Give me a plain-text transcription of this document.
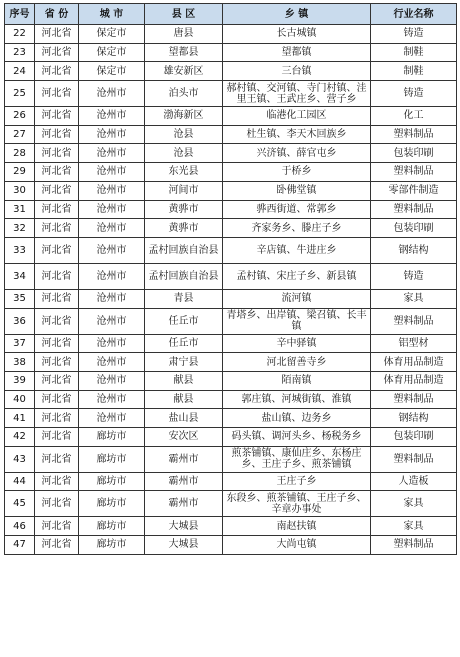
序号	省 份	城 市	县 区	乡 镇	行业名称
22	河北省	保定市	唐县	长古城镇	铸造
23	河北省	保定市	望都县	望都镇	制鞋
24	河北省	保定市	雄安新区	三台镇	制鞋
25	河北省	沧州市	泊头市	郝村镇、交河镇、寺门村镇、洼里王镇、王武庄乡、营子乡	铸造
26	河北省	沧州市	渤海新区	临港化工园区	化工
27	河北省	沧州市	沧县	杜生镇、李天木回族乡	塑料制品
28	河北省	沧州市	沧县	兴济镇、薛官屯乡	包装印刷
29	河北省	沧州市	东光县	于桥乡	塑料制品
30	河北省	沧州市	河间市	卧佛堂镇	零部件制造
31	河北省	沧州市	黄骅市	骅西街道、常郭乡	塑料制品
32	河北省	沧州市	黄骅市	齐家务乡、滕庄子乡	包装印刷
33	河北省	沧州市	孟村回族自治县	辛店镇、牛进庄乡	钢结构
34	河北省	沧州市	孟村回族自治县	孟村镇、宋庄子乡、新县镇	铸造
35	河北省	沧州市	青县	流河镇	家具
36	河北省	沧州市	任丘市	青塔乡、出岸镇、梁召镇、长丰镇	塑料制品
37	河北省	沧州市	任丘市	辛中驿镇	铝型材
38	河北省	沧州市	肃宁县	河北留善寺乡	体育用品制造
39	河北省	沧州市	献县	陌南镇	体育用品制造
40	河北省	沧州市	献县	郭庄镇、河城街镇、淮镇	塑料制品
41	河北省	沧州市	盐山县	盐山镇、边务乡	钢结构
42	河北省	廊坊市	安次区	码头镇、调河头乡、杨税务乡	包装印刷
43	河北省	廊坊市	霸州市	煎茶铺镇、康仙庄乡、东杨庄乡、王庄子乡、煎茶铺镇	塑料制品
44	河北省	廊坊市	霸州市	王庄子乡	人造板
45	河北省	廊坊市	霸州市	东段乡、煎茶铺镇、王庄子乡、辛章办事处	家具
46	河北省	廊坊市	大城县	南赵扶镇	家具
47	河北省	廊坊市	大城县	大尚屯镇	塑料制品
